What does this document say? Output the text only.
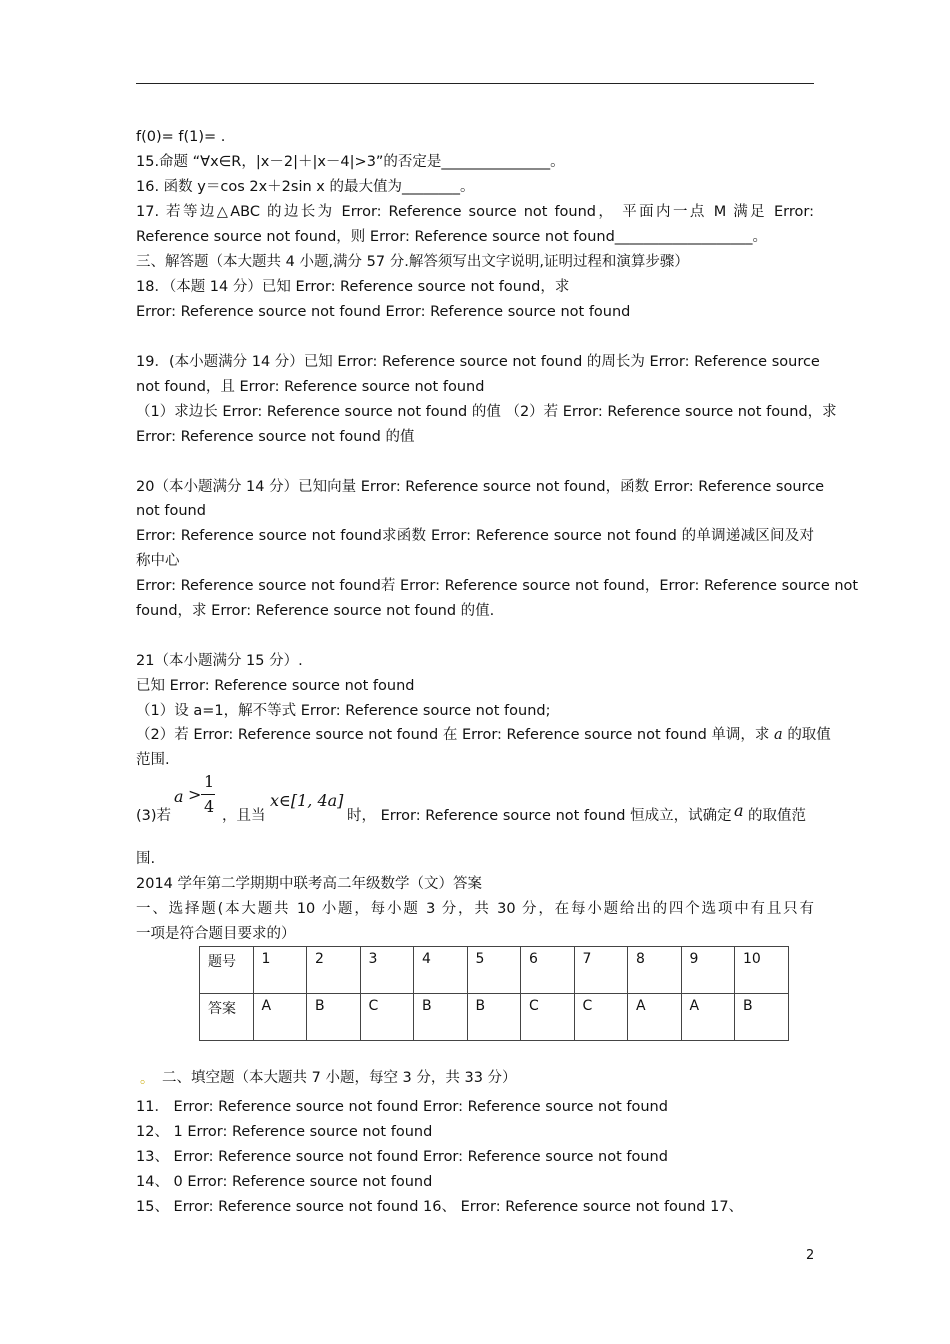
f(0)= f(1)= .
15.命题 “∀x∈R，|x－2|＋|x－4|>3”的否定是_______________。
16. 函数 y＝cos 2x＋2sin x 的最大值为________。
17. 若等边△ABC 的边长为 Error: Reference source not found， 平面内一点 M 满足 Error:
Reference source not found，则 Error: Reference source not found___________________。
三、解答题（本大题共 4 小题,满分 57 分.解答须写出文字说明,证明过程和演算步骤）
18．（本题 14 分）已知 Error: Reference source not found，求
Error: Reference source not found Error: Reference source not found
19．(本小题满分 14 分）已知 Error: Reference source not found 的周长为 Error: Reference source
not found，且 Error: Reference source not found
（1）求边长 Error: Reference source not found 的值 （2）若 Error: Reference source not found，求
Error: Reference source not found 的值
20（本小题满分 14 分）已知向量 Error: Reference source not found，函数 Error: Reference source
not found
Error: Reference source not found求函数 Error: Reference source not found 的单调递减区间及对
称中心
Error: Reference source not found若 Error: Reference source not found，Error: Reference source not
found，求 Error: Reference source not found 的值.
21（本小题满分 15 分）.
已知 Error: Reference source not found
（1）设 a=1，解不等式 Error: Reference source not found;
（2）若 Error: Reference source not found 在 Error: Reference source not found 单调，求 a 的取值
范围.
(3)若
a >
1
4 ，且当
x∈[1, 4a]
时， Error: Reference source not found 恒成立，试确定 a 的取值范
围.
2014 学年第二学期期中联考高二年级数学（文）答案
一、选择题(本大题共 10 小题，每小题 3 分，共 30 分，在每小题给出的四个选项中有且只有
一项是符合题目要求的）
题号	1	2	3	4	5	6	7	8	9	10
答案	A	B	C	B	B	C	C	A	A	B
。 二、填空题（本大题共 7 小题，每空 3 分，共 33 分）
11． Error: Reference source not found Error: Reference source not found
12、 1 Error: Reference source not found
13、 Error: Reference source not found Error: Reference source not found
14、 0 Error: Reference source not found
15、 Error: Reference source not found 16、 Error: Reference source not found 17、
2
